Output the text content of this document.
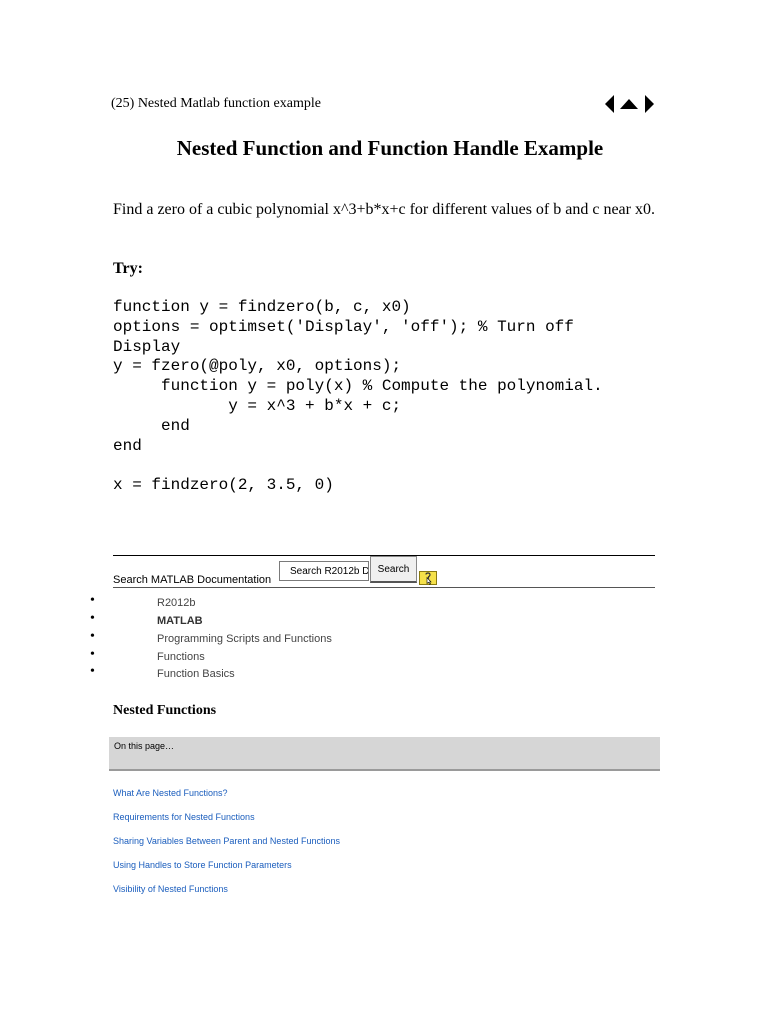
(25) Nested Matlab function example
Nested Function and Function Handle Example
Find a zero of a cubic polynomial x^3+b*x+c for different values of b and c near x0.
Try:
function y = findzero(b, c, x0)
options = optimset('Display', 'off'); % Turn off
Display
y = fzero(@poly, x0, options);
function y = poly(x) % Compute the polynomial.
y = x^3 + b*x + c;
end
end

x = findzero(2, 3.5, 0)
Search MATLAB Documentation
Search R2012b D
Search
•	R2012b
•	MATLAB
•	Programming Scripts and Functions
•	Functions
•	Function Basics
Nested Functions
On this page…
What Are Nested Functions?
Requirements for Nested Functions
Sharing Variables Between Parent and Nested Functions
Using Handles to Store Function Parameters
Visibility of Nested Functions
